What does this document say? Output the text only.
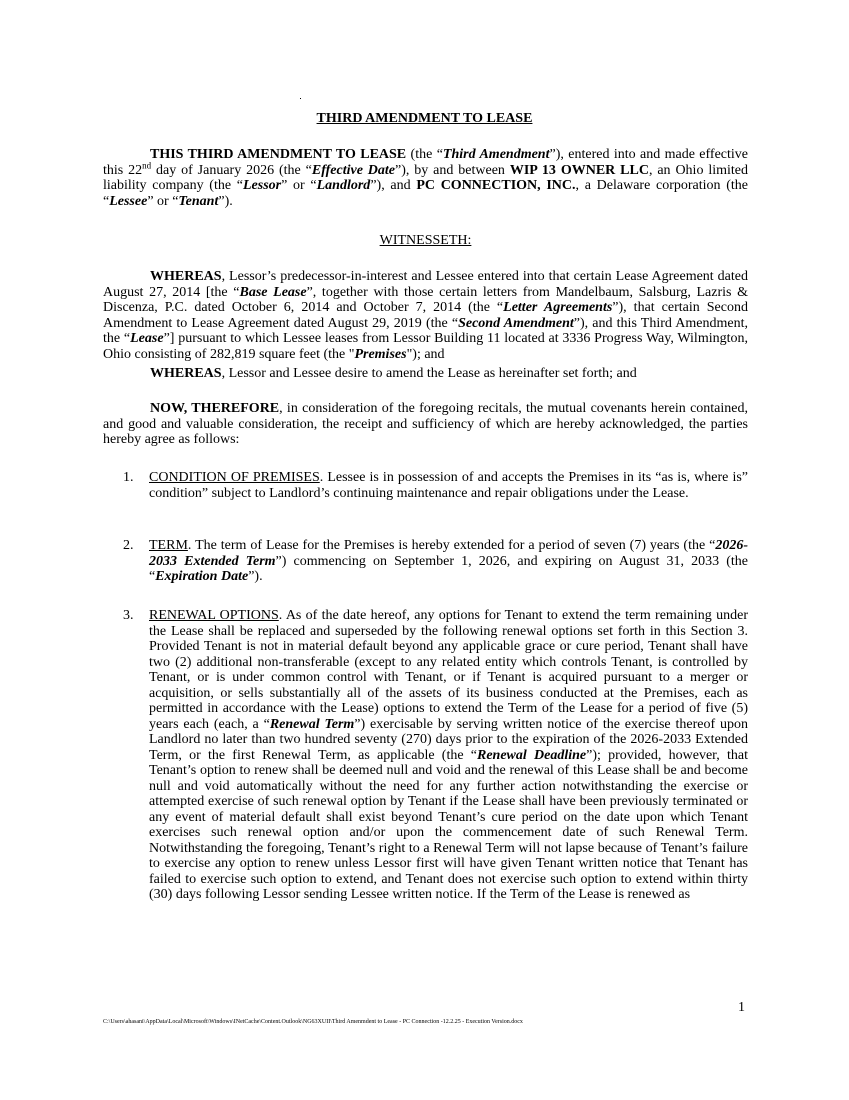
THIRD AMENDMENT TO LEASE

THIS THIRD AMENDMENT TO LEASE (the “Third Amendment”), entered into and made effective this 22nd day of January 2026 (the “Effective Date”), by and between WIP 13 OWNER LLC, an Ohio limited liability company (the “Lessor” or “Landlord”), and PC CONNECTION, INC., a Delaware corporation (the “Lessee” or “Tenant”).

WITNESSETH:

WHEREAS, Lessor’s predecessor-in-interest and Lessee entered into that certain Lease Agreement dated August 27, 2014 [the “Base Lease”, together with those certain letters from Mandelbaum, Salsburg, Lazris & Discenza, P.C. dated October 6, 2014 and October 7, 2014 (the “Letter Agreements”), that certain Second Amendment to Lease Agreement dated August 29, 2019 (the “Second Amendment”), and this Third Amendment, the “Lease”] pursuant to which Lessee leases from Lessor Building 11 located at 3336 Progress Way, Wilmington, Ohio consisting of 282,819 square feet (the "Premises"); and

WHEREAS, Lessor and Lessee desire to amend the Lease as hereinafter set forth; and

NOW, THEREFORE, in consideration of the foregoing recitals, the mutual covenants herein contained, and good and valuable consideration, the receipt and sufficiency of which are hereby acknowledged, the parties hereby agree as follows:

1. CONDITION OF PREMISES. Lessee is in possession of and accepts the Premises in its “as is, where is” condition” subject to Landlord’s continuing maintenance and repair obligations under the Lease.
2. TERM. The term of Lease for the Premises is hereby extended for a period of seven (7) years (the “2026-2033 Extended Term”) commencing on September 1, 2026, and expiring on August 31, 2033 (the “Expiration Date”).
3. RENEWAL OPTIONS. As of the date hereof, any options for Tenant to extend the term remaining under the Lease shall be replaced and superseded by the following renewal options set forth in this Section 3. Provided Tenant is not in material default beyond any applicable grace or cure period, Tenant shall have two (2) additional non-transferable (except to any related entity which controls Tenant, is controlled by Tenant, or is under common control with Tenant, or if Tenant is acquired pursuant to a merger or acquisition, or sells substantially all of the assets of its business conducted at the Premises, each as permitted in accordance with the Lease) options to extend the Term of the Lease for a period of five (5) years each (each, a “Renewal Term”) exercisable by serving written notice of the exercise thereof upon Landlord no later than two hundred seventy (270) days prior to the expiration of the 2026-2033 Extended Term, or the first Renewal Term, as applicable (the “Renewal Deadline”); provided, however, that Tenant’s option to renew shall be deemed null and void and the renewal of this Lease shall be and become null and void automatically without the need for any further action notwithstanding the exercise or attempted exercise of such renewal option by Tenant if the Lease shall have been previously terminated or any event of material default shall exist beyond Tenant’s cure period on the date upon which Tenant exercises such renewal option and/or upon the commencement date of such Renewal Term. Notwithstanding the foregoing, Tenant’s right to a Renewal Term will not lapse because of Tenant’s failure to exercise any option to renew unless Lessor first will have given Tenant written notice that Tenant has failed to exercise such option to extend, and Tenant does not exercise such option to extend within thirty (30) days following Lessor sending Lessee written notice. If the Term of the Lease is renewed as
1
C:\Users\ahasani\AppData\Local\Microsoft\Windows\INetCache\Content.Outlook\NG63XUII\Third Amenmdent to Lease - PC Connection -12.2.25 - Execution Version.docx
